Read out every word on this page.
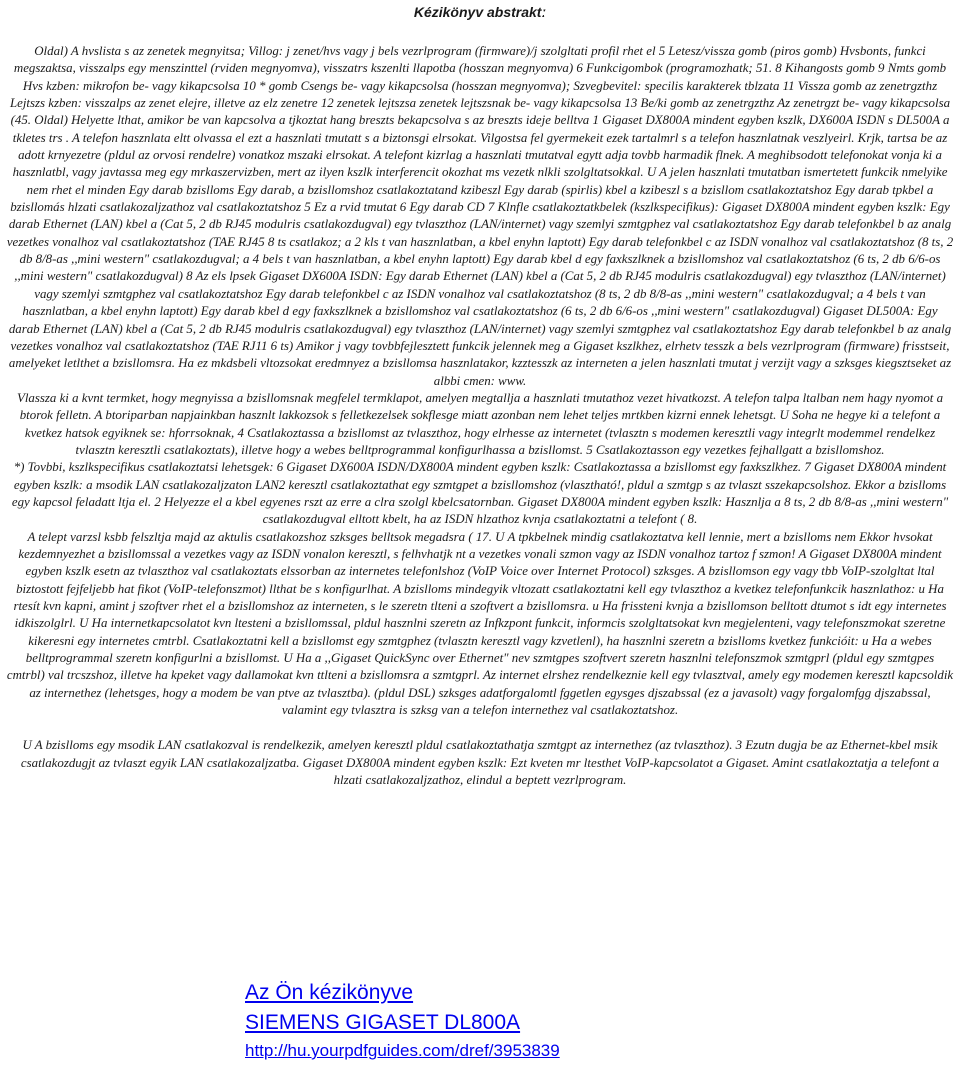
Kézikönyv abstraktː

Oldal) A hvslista s az zenetek megnyitsa; Villog: j zenet/hvs vagy j bels vezrlprogram (firmware)/j szolgltati profil rhet el 5 Letesz/vissza gomb (piros gomb) Hvsbonts, funkci megszaktsa, visszalps egy menszinttel (rviden megnyomva), visszatrs kszenlti llapotba (hosszan megnyomva) 6 Funkcigombok (programozhatk; 51. 8 Kihangosts gomb 9 Nmts gomb Hvs kzben: mikrofon be- vagy kikapcsolsa 10 * gomb Csengs be- vagy kikapcsolsa (hosszan megnyomva); Szvegbevitel: specilis karakterek tblzata 11 Vissza gomb az zenetrgzthz Lejtszs kzben: visszalps az zenet elejre, illetve az elz zenetre 12 zenetek lejtszsa zenetek lejtszsnak be- vagy kikapcsolsa 13 Be/ki gomb az zenetrgzthz Az zenetrgzt be- vagy kikapcsolsa (45. Oldal) Helyette lthat, amikor be van kapcsolva a tjkoztat hang breszts bekapcsolva s az breszts ideje belltva 1 Gigaset DX800A mindent egyben kszlk, DX600A ISDN s DL500A a tkletes trs . A telefon hasznlata eltt olvassa el ezt a hasznlati tmutatt s a biztonsgi elrsokat. Vilgostsa fel gyermekeit ezek tartalmrl s a telefon hasznlatnak veszlyeirl. Krjk, tartsa be az adott krnyezetre (pldul az orvosi rendelre) vonatkoz mszaki elrsokat. A telefont kizrlag a hasznlati tmutatval egytt adja tovbb harmadik flnek. A meghibsodott telefonokat vonja ki a hasznlatbl, vagy javtassa meg egy mrkaszervizben, mert az ilyen kszlk interferencit okozhat ms vezetk nlkli szolgltatsokkal. U A jelen hasznlati tmutatban ismertetett funkcik nmelyike nem rhet el minden Egy darab bzislloms Egy darab, a bzisllomshoz csatlakoztatand kzibeszl Egy darab (spirlis) kbel a kzibeszl s a bzisllom csatlakoztatshoz Egy darab tpkbel a bzisllomás hlzati csatlakozaljzathoz val csatlakoztatshoz 5 Ez a rvid tmutat 6 Egy darab CD 7 Klnfle csatlakoztatkbelek (kszlkspecifikus): Gigaset DX800A mindent egyben kszlk: Egy darab Ethernet (LAN) kbel a (Cat 5, 2 db RJ45 modulris csatlakozdugval) egy tvlaszthoz (LAN/internet) vagy szemlyi szmtgphez val csatlakoztatshoz Egy darab telefonkbel b az analg vezetkes vonalhoz val csatlakoztatshoz (TAE RJ45 8 ts csatlakoz; a 2 kls t van hasznlatban, a kbel enyhn laptott) Egy darab telefonkbel c az ISDN vonalhoz val csatlakoztatshoz (8 ts, 2 db 8/8-as ,,mini western" csatlakozdugval; a 4 bels t van hasznlatban, a kbel enyhn laptott) Egy darab kbel d egy faxkszlknek a bzisllomshoz val csatlakoztatshoz (6 ts, 2 db 6/6-os ,,mini western" csatlakozdugval) 8 Az els lpsek Gigaset DX600A ISDN: Egy darab Ethernet (LAN) kbel a (Cat 5, 2 db RJ45 modulris csatlakozdugval) egy tvlaszthoz (LAN/internet) vagy szemlyi szmtgphez val csatlakoztatshoz Egy darab telefonkbel c az ISDN vonalhoz val csatlakoztatshoz (8 ts, 2 db 8/8-as ,,mini western" csatlakozdugval; a 4 bels t van hasznlatban, a kbel enyhn laptott) Egy darab kbel d egy faxkszlknek a bzisllomshoz val csatlakoztatshoz (6 ts, 2 db 6/6-os ,,mini western" csatlakozdugval) Gigaset DL500A: Egy darab Ethernet (LAN) kbel a (Cat 5, 2 db RJ45 modulris csatlakozdugval) egy tvlaszthoz (LAN/internet) vagy szemlyi szmtgphez val csatlakoztatshoz Egy darab telefonkbel b az analg vezetkes vonalhoz val csatlakoztatshoz (TAE RJ11 6 ts) Amikor j vagy tovbbfejlesztett funkcik jelennek meg a Gigaset kszlkhez, elrhetv tesszk a bels vezrlprogram (firmware) frisstseit, amelyeket letlthet a bzisllomsra. Ha ez mkdsbeli vltozsokat eredmnyez a bzisllomsa hasznlatakor, kzztesszk az interneten a jelen hasznlati tmutat j verzijt vagy a szksges kiegsztseket az albbi cmen: www.

Vlassza ki a kvnt termket, hogy megnyissa a bzisllomsnak megfelel termklapot, amelyen megtallja a hasznlati tmutathoz vezet hivatkozst. A telefon talpa ltalban nem hagy nyomot a btorok felletn. A btoriparban napjainkban hasznlt lakkozsok s felletkezelsek sokflesge miatt azonban nem lehet teljes mrtkben kizrni ennek lehetsgt. U Soha ne hegye ki a telefont a kvetkez hatsok egyiknek se: hforrsoknak, 4 Csatlakoztassa a bzisllomst az tvlaszthoz, hogy elrhesse az internetet (tvlasztn s modemen keresztli vagy integrlt modemmel rendelkez tvlasztn keresztli csatlakoztats), illetve hogy a webes belltprogrammal konfigurlhassa a bzisllomst. 5 Csatlakoztasson egy vezetkes fejhallgatt a bzisllomshoz.

*) Tovbbi, kszlkspecifikus csatlakoztatsi lehetsgek: 6 Gigaset DX600A ISDN/DX800A mindent egyben kszlk: Csatlakoztassa a bzisllomst egy faxkszlkhez. 7 Gigaset DX800A mindent egyben kszlk: a msodik LAN csatlakozaljzaton LAN2 keresztl csatlakoztathat egy szmtgpet a bzisllomshoz (vlasztható!, pldul a szmtgp s az tvlaszt sszekapcsolshoz. Ekkor a bzislloms egy kapcsol feladatt ltja el. 2 Helyezze el a kbel egyenes rszt az erre a clra szolgl kbelcsatornban. Gigaset DX800A mindent egyben kszlk: Hasznlja a 8 ts, 2 db 8/8-as ,,mini western" csatlakozdugval elltott kbelt, ha az ISDN hlzathoz kvnja csatlakoztatni a telefont ( 8.

A telept varzsl ksbb felszltja majd az aktulis csatlakozshoz szksges belltsok megadsra ( 17. U A tpkbelnek mindig csatlakoztatva kell lennie, mert a bzislloms nem Ekkor hvsokat kezdemnyezhet a bzisllomssal a vezetkes vagy az ISDN vonalon keresztl, s felhvhatjk nt a vezetkes vonali szmon vagy az ISDN vonalhoz tartoz f szmon! A Gigaset DX800A mindent egyben kszlk esetn az tvlaszthoz val csatlakoztats elssorban az internetes telefonlshoz (VoIP Voice over Internet Protocol) szksges. A bzisllomson egy vagy tbb VoIP-szolgltat ltal biztostott fejfeljebb hat fikot (VoIP-telefonszmot) llthat be s konfigurlhat. A bzislloms mindegyik vltozatt csatlakoztatni kell egy tvlaszthoz a kvetkez telefonfunkcik hasznlathoz: u Ha rtesít kvn kapni, amint j szoftver rhet el a bzisllomshoz az interneten, s le szeretn tlteni a szoftvert a bzisllomsra. u Ha frissteni kvnja a bzisllomson belltott dtumot s idt egy internetes idkiszolglrl. U Ha internetkapcsolatot kvn ltesteni a bzisllomssal, pldul hasznlni szeretn az Infkzpont funkcit, informcis szolgltatsokat kvn megjelenteni, vagy telefonszmokat szeretne kikeresni egy internetes cmtrbl. Csatlakoztatni kell a bzisllomst egy szmtgphez (tvlasztn keresztl vagy kzvetlenl), ha hasznlni szeretn a bzislloms kvetkez funkcióit: u Ha a webes belltprogrammal szeretn konfigurlni a bzisllomst. U Ha a ,,Gigaset QuickSync over Ethernet" nev szmtgpes szoftvert szeretn hasznlni telefonszmok szmtgprl (pldul egy szmtgpes cmtrbl) val trcszshoz, illetve ha kpeket vagy dallamokat kvn ttlteni a bzisllomsra a szmtgprl. Az internet elrshez rendelkeznie kell egy tvlasztval, amely egy modemen keresztl kapcsoldik az internethez (lehetsges, hogy a modem be van ptve az tvlasztba). (pldul DSL) szksges adatforgalomtl fggetlen egysges djszabssal (ez a javasolt) vagy forgalomfgg djszabssal, valamint egy tvlasztra is szksg van a telefon internethez val csatlakoztatshoz.

U A bzislloms egy msodik LAN csatlakozval is rendelkezik, amelyen keresztl pldul csatlakoztathatja szmtgpt az internethez (az tvlaszthoz). 3 Ezutn dugja be az Ethernet-kbel msik csatlakozdugjt az tvlaszt egyik LAN csatlakozaljzatba. Gigaset DX800A mindent egyben kszlk: Ezt kveten mr ltesthet VoIP-kapcsolatot a Gigaset. Amint csatlakoztatja a telefont a hlzati csatlakozaljzathoz, elindul a beptett vezrlprogram.

Az Ön kézikönyve
SIEMENS GIGASET DL800A
http://hu.yourpdfguides.com/dref/3953839
